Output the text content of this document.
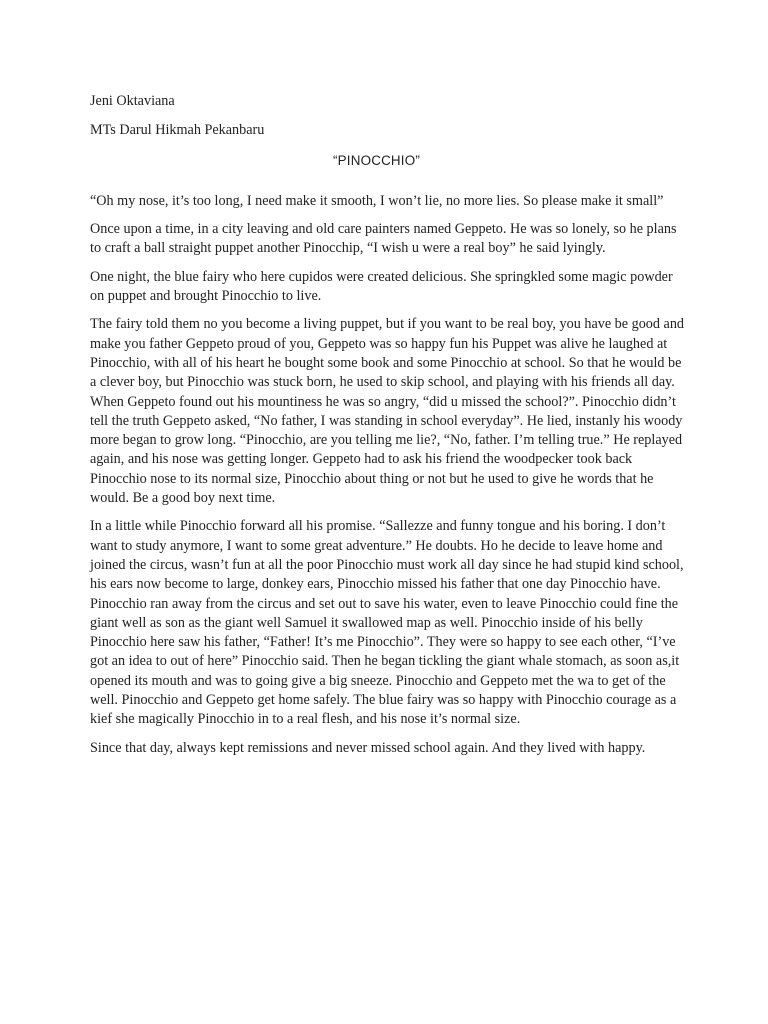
Jeni Oktaviana
MTs Darul Hikmah Pekanbaru
“PINOCCHIO”

“Oh my nose, it’s too long, I need make it smooth, I won’t lie, no more lies. So please make it small”

Once upon a time, in a city leaving and old care painters named Geppeto. He was so lonely, so he plans to craft a ball straight puppet another Pinocchip, “I wish u were a real boy” he said lyingly.

One night, the blue fairy who here cupidos were created delicious. She springkled some magic powder on puppet and brought Pinocchio to live.

The fairy told them no you become a living puppet, but if you want to be real boy, you have be good and make you father Geppeto proud of you, Geppeto was so happy fun his Puppet was alive he laughed at Pinocchio, with all of his heart he bought some book and some Pinocchio at school. So that he would be a clever boy, but Pinocchio was stuck born, he used to skip school, and playing with his friends all day. When Geppeto found out his mountiness he was so angry, “did u missed the school?”. Pinocchio didn’t tell the truth Geppeto asked, “No father, I was standing in school everyday”. He lied, instanly his woody more began to grow long. “Pinocchio, are you telling me lie?, “No, father. I’m telling true.” He replayed again, and his nose was getting longer. Geppeto had to ask his friend the woodpecker took back Pinocchio nose to its normal size, Pinocchio about thing or not but he used to give he words that he would. Be a good boy next time.

In a little while Pinocchio forward all his promise. “Sallezze and funny tongue and his boring. I don’t want to study anymore, I want to some great adventure.” He doubts. Ho he decide to leave home and joined the circus, wasn’t fun at all the poor Pinocchio must work all day since he had stupid kind school, his ears now become to large, donkey ears, Pinocchio missed his father that one day Pinocchio have. Pinocchio ran away from the circus and set out to save his water, even to leave Pinocchio could fine the giant well as son as the giant well Samuel it swallowed map as well. Pinocchio inside of his belly Pinocchio here saw his father, “Father! It’s me Pinocchio”. They were so happy to see each other, “I’ve got an idea to out of here” Pinocchio said. Then he began tickling the giant whale stomach, as soon as,it opened its mouth and was to going give a big sneeze. Pinocchio and Geppeto met the wa to get of the well. Pinocchio and Geppeto get home safely. The blue fairy was so happy with Pinocchio courage as a kief she magically Pinocchio in to a real flesh, and his nose it’s normal size.

Since that day, always kept remissions and never missed school again. And they lived with happy.
